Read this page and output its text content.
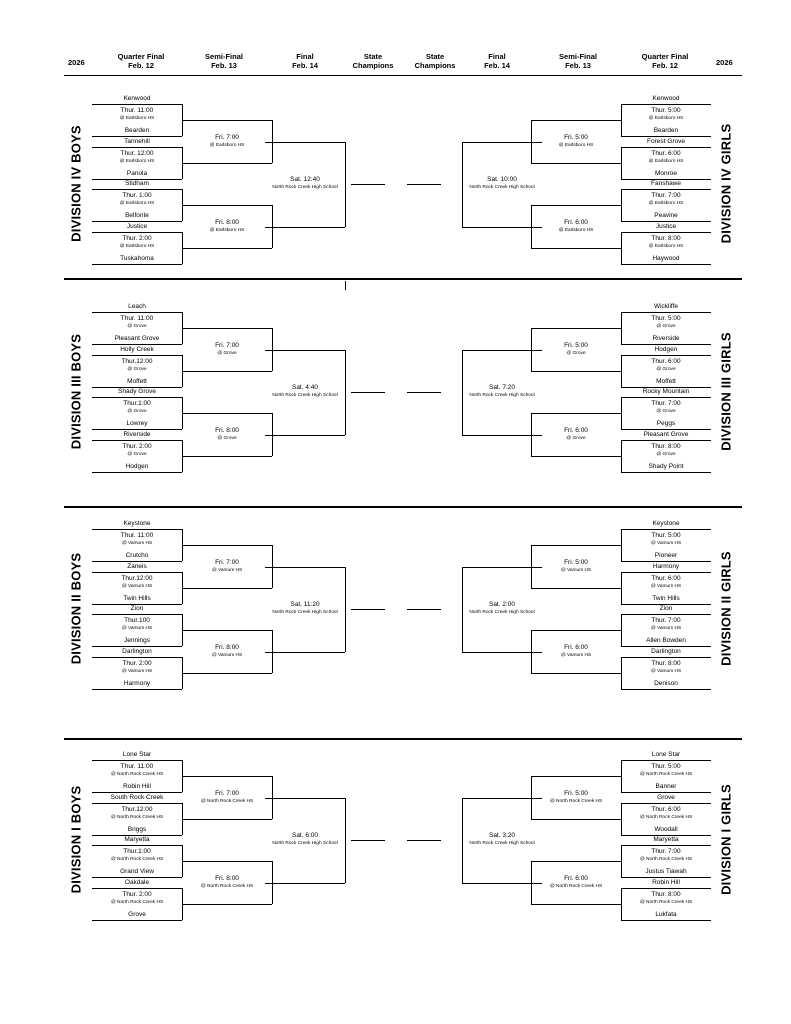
2026	2026
Quarter Final
Feb. 12
Semi-Final
Feb. 13
Final
Feb. 14
State
Champions
State
Champions
Final
Feb. 14
Semi-Final
Feb. 13
Quarter Final
Feb. 12
Kenwood
Thur. 11:00
@ Earlsboro HS
Bearden
Tannehill
Thur. 12:00
@ Earlsboro HS
Panola
Stidham
Thur. 1:00
@ Earlsboro HS
Belfonte
Justice
Thur. 2:00
@ Earlsboro HS
Tuskahoma
Fri. 7:00
@ Earlsboro HS
Fri. 8:00
@ Earlsboro HS
Sat. 12:40
North Rock Creek High School
DIVISION IV BOYS
Kenwood
Thur. 5:00
@ Earlsboro HS
Bearden
Forest Grove
Thur. 6:00
@ Earlsboro HS
Monroe
Fanshawe
Thur. 7:00
@ Earlsboro HS
Peavine
Justice
Thur. 8:00
@ Earlsboro HS
Haywood
Fri. 5:00
@ Earlsboro HS
Fri. 6:00
@ Earlsboro HS
Sat. 10:00
North Rock Creek High School	DIVISION IV GIRLS
Leach
Thur. 11:00
@ Grove
Pleasant Grove
Holly Creek
Thur.12:00
@ Grove
Moffett
Shady Grove
Thur.1:00
@ Grove
Lowrey
Riverside
Thur. 2:00
@ Grove
Hodgen
Fri. 7:00
@ Grove
Fri. 8:00
@ Grove
Sat. 4:40
North Rock Creek High School
DIVISION III BOYS
Wickliffe
Thur. 5:00
@ Grove
Riverside
Hodgen
Thur. 6:00
@ Grove
Moffett
Rocky Mountain
Thur. 7:00
@ Grove
Peggs
Pleasant Grove
Thur. 8:00
@ Grove
Shady Point
Fri. 5:00
@ Grove
Fri. 6:00
@ Grove
Sat. 7:20
North Rock Creek High School	DIVISION III GIRLS
Keystone
Thur. 11:00
@ Vamum HS
Crutcho
Zaneis
Thur.12:00
@ Vamum HS
Twin Hills
Zion
Thur.100
@ Vamum HS
Jennings
Darlington
Thur. 2:00
@ Vamum HS
Harmony
Fri. 7:00
@ Vamum HS
Fri. 8:00
@ Vamum HS
Sat. 11:20
North Rock Creek High School
DIVISION II BOYS
Keystone
Thur. 5:00
@ Vamum HS
Pioneer
Harmony
Thur. 6:00
@ Vamum HS
Twin Hills
Zion
Thur. 7:00
@ Vamum HS
Allen Bowden
Darlington
Thur. 8:00
@ Vamum HS
Denison
Fri. 5:00
@ Vamum HS
Fri. 6:00
@ Vamum HS
Sat. 2:00
North Rock Creek High School	DIVISION II GIRLS
Lone Star
Thur. 11:00
@ North Rock Creek HS
Robin Hill
South Rock Creek
Thur.12:00
@ North Rock Creek HS
Briggs
Maryetta
Thur.1:00
@ North Rock Creek HS
Grand View
Oakdale
Thur. 2:00
@ North Rock Creek HS
Grove
Fri. 7:00
@ North Rock Creek HS
Fri. 8:00
@ North Rock Creek HS
Sat. 6:00
North Rock Creek High School
DIVISION I BOYS
Lone Star
Thur. 5:00
@ North Rock Creek HS
Banner
Grove
Thur. 6:00
@ North Rock Creek HS
Woodall
Maryetta
Thur. 7:00
@ North Rock Creek HS
Justus Tiawah
Robin Hill
Thur. 8:00
@ North Rock Creek HS
Lukfata
Fri. 5:00
@ North Rock Creek HS
Fri. 6:00
@ North Rock Creek HS
Sat. 3:20
North Rock Creek High School	DIVISION I GIRLS
